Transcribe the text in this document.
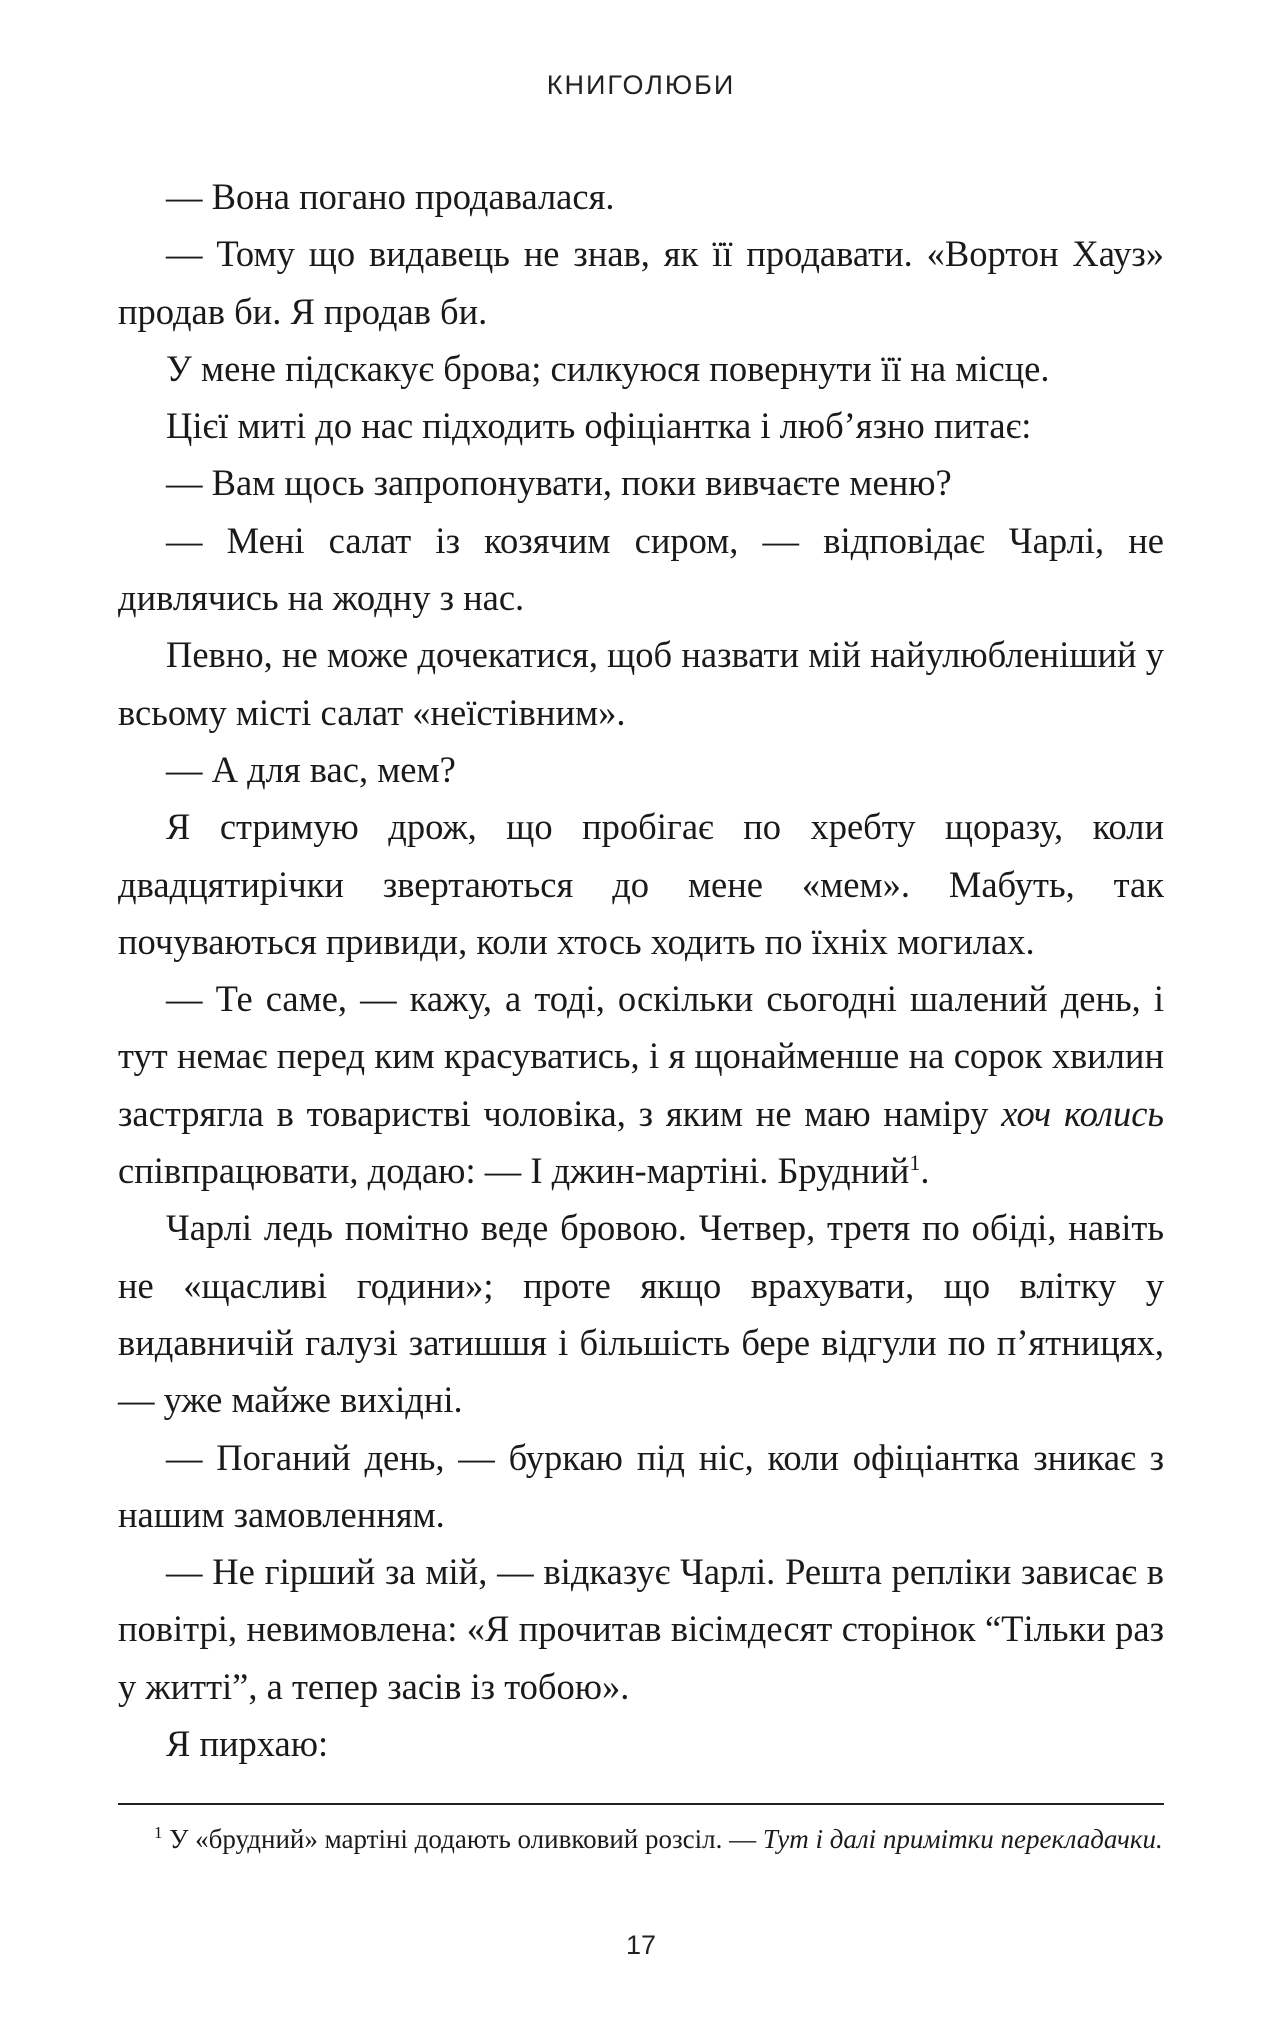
КНИГОЛЮБИ

— Вона погано продавалася.

— Тому що видавець не знав, як її продавати. «Вортон Хауз» продав би. Я продав би.

У мене підскакує брова; силкуюся повернути її на місце.

Цієї миті до нас підходить офіціантка і люб’язно питає:

— Вам щось запропонувати, поки вивчаєте меню?

— Мені салат із козячим сиром, — відповідає Чарлі, не дивлячись на жодну з нас.

Певно, не може дочекатися, щоб назвати мій найулюбленіший у всьому місті салат «неїстівним».

— А для вас, мем?

Я стримую дрож, що пробігає по хребту щоразу, коли двадцятирічки звертаються до мене «мем». Мабуть, так почуваються привиди, коли хтось ходить по їхніх могилах.

— Те саме, — кажу, а тоді, оскільки сьогодні шалений день, і тут немає перед ким красуватись, і я щонайменше на сорок хвилин застрягла в товаристві чоловіка, з яким не маю наміру хоч колись співпрацювати, додаю: — І джин-мартіні. Брудний$^1$.

Чарлі ледь помітно веде бровою. Четвер, третя по обіді, навіть не «щасливі години»; проте якщо врахувати, що влітку у видавничій галузі затишшя і більшість бере відгули по п’ятницях, — уже майже вихідні.

— Поганий день, — буркаю під ніс, коли офіціантка зникає з нашим замовленням.

— Не гірший за мій, — відказує Чарлі. Решта репліки зависає в повітрі, невимовлена: «Я прочитав вісімдесят сторінок “Тільки раз у житті”, а тепер засів із тобою».

Я пирхаю:

$^1$ У «брудний» мартіні додають оливковий розсіл. — Тут і далі примітки перекладачки.

17
